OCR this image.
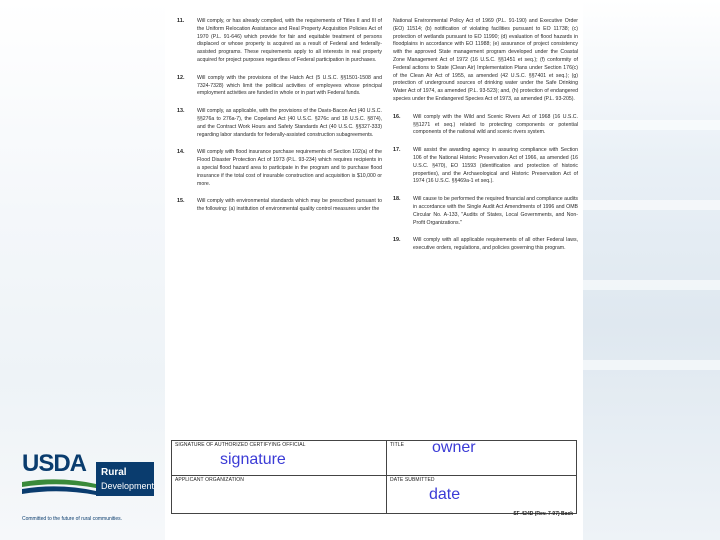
11. Will comply, or has already complied, with the requirements of Titles II and III of the Uniform Relocation Assistance and Real Property Acquisition Policies Act of 1970 (P.L. 91-646) which provide for fair and equitable treatment of persons displaced or whose property is acquired as a result of Federal and federally-assisted programs. These requirements apply to all interests in real property acquired for project purposes regardless of Federal participation in purchases.
12. Will comply with the provisions of the Hatch Act (5 U.S.C. §§1501-1508 and 7324-7328) which limit the political activities of employees whose principal employment activities are funded in whole or in part with Federal funds.
13. Will comply, as applicable, with the provisions of the Davis-Bacon Act (40 U.S.C. §§276a to 276a-7), the Copeland Act (40 U.S.C. §276c and 18 U.S.C. §874), and the Contract Work Hours and Safety Standards Act (40 U.S.C. §§327-333) regarding labor standards for federally-assisted construction subagreements.
14. Will comply with flood insurance purchase requirements of Section 102(a) of the Flood Disaster Protection Act of 1973 (P.L. 93-234) which requires recipients in a special flood hazard area to participate in the program and to purchase flood insurance if the total cost of insurable construction and acquisition is $10,000 or more.
15. Will comply with environmental standards which may be prescribed pursuant to the following: (a) institution of environmental quality control measures under the
National Environmental Policy Act of 1969 (P.L. 91-190) and Executive Order (EO) 11514; (b) notification of violating facilities pursuant to EO 11738; (c) protection of wetlands pursuant to EO 11990; (d) evaluation of flood hazards in floodplains in accordance with EO 11988; (e) assurance of project consistency with the approved State management program developed under the Coastal Zone Management Act of 1972 (16 U.S.C. §§1451 et seq.); (f) conformity of Federal actions to State (Clean Air) Implementation Plans under Section 176(c) of the Clean Air Act of 1955, as amended (42 U.S.C. §§7401 et seq.); (g) protection of underground sources of drinking water under the Safe Drinking Water Act of 1974, as amended (P.L. 93-523); and, (h) protection of endangered species under the Endangered Species Act of 1973, as amended (P.L. 93-205).
16. Will comply with the Wild and Scenic Rivers Act of 1968 (16 U.S.C. §§1271 et seq.) related to protecting components or potential components of the national wild and scenic rivers system.
17. Will assist the awarding agency in assuring compliance with Section 106 of the National Historic Preservation Act of 1966, as amended (16 U.S.C. §470), EO 11593 (identification and protection of historic properties), and the Archaeological and Historic Preservation Act of 1974 (16 U.S.C. §§469a-1 et seq.).
18. Will cause to be performed the required financial and compliance audits in accordance with the Single Audit Act Amendments of 1996 and OMB Circular No. A-133, "Audits of States, Local Governments, and Non-Profit Organizations."
19. Will comply with all applicable requirements of all other Federal laws, executive orders, regulations, and policies governing this program.
SIGNATURE OF AUTHORIZED CERTIFYING OFFICIAL
signature
TITLE owner
APPLICANT ORGANIZATION	DATE SUBMITTED
date
SF-424D (Rev. 7-97) Back
USDA Rural
Development
Committed to the future of rural communities.
